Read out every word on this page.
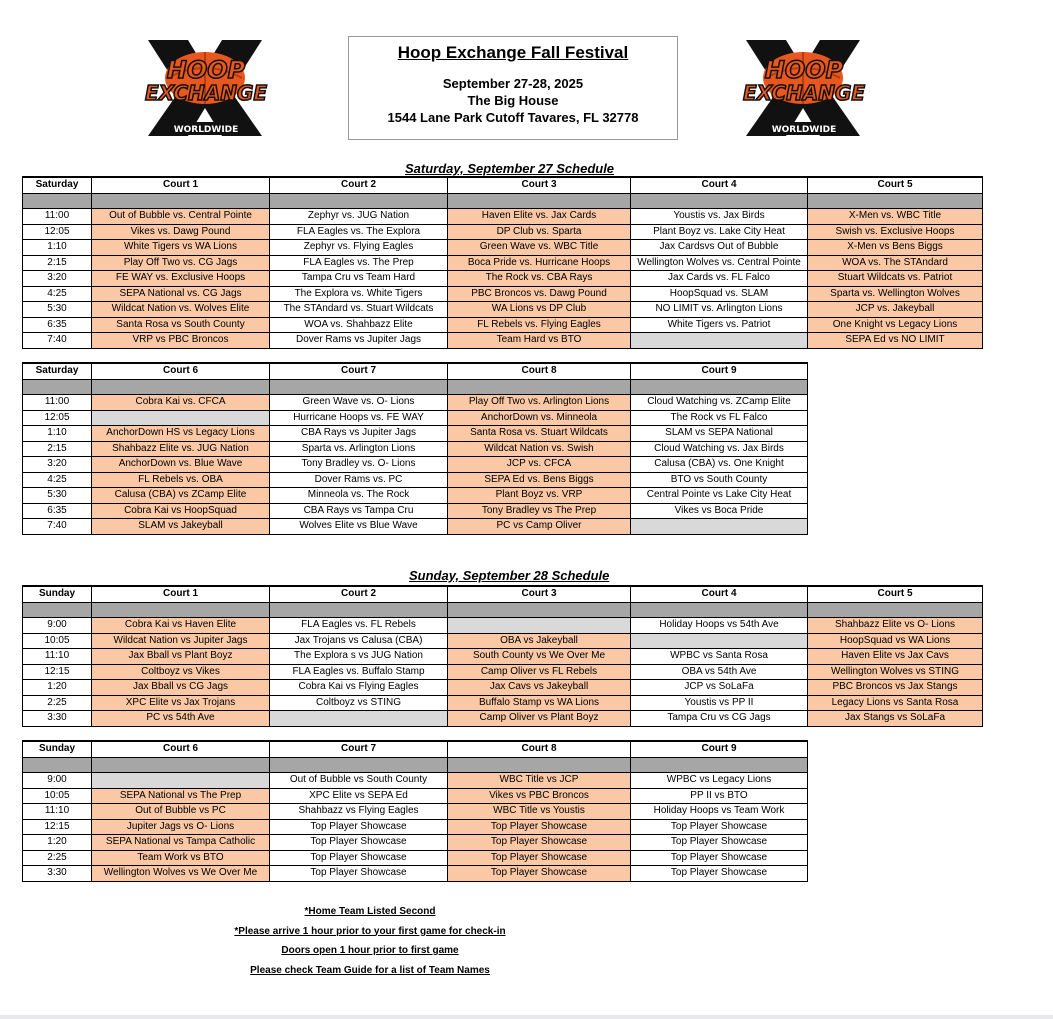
HOOP
EXCHANGE
WORLDWIDE
HOOP
EXCHANGE
WORLDWIDE
Hoop Exchange Fall Festival
September 27-28, 2025
The Big House
1544 Lane Park Cutoff Tavares, FL 32778
Saturday, September 27 Schedule
Saturday	Court 1	Court 2	Court 3	Court 4	Court 5

11:00	Out of Bubble vs. Central Pointe	Zephyr vs. JUG Nation	Haven Elite vs. Jax Cards	Youstis vs. Jax Birds	X-Men vs. WBC Title
12:05	Vikes vs. Dawg Pound	FLA Eagles vs. The Explora	DP Club vs. Sparta	Plant Boyz vs. Lake City Heat	Swish vs. Exclusive Hoops
1:10	White Tigers vs WA Lions	Zephyr vs. Flying Eagles	Green Wave vs. WBC Title	Jax Cardsvs Out of Bubble	X-Men vs Bens Biggs
2:15	Play Off Two vs. CG Jags	FLA Eagles vs. The Prep	Boca Pride vs. Hurricane Hoops	Wellington Wolves vs. Central Pointe	WOA vs. The STAndard
3:20	FE WAY vs. Exclusive Hoops	Tampa Cru vs Team Hard	The Rock vs. CBA Rays	Jax Cards vs. FL Falco	Stuart Wildcats vs. Patriot
4:25	SEPA National vs. CG Jags	The Explora vs. White Tigers	PBC Broncos vs. Dawg Pound	HoopSquad vs. SLAM	Sparta vs. Wellington Wolves
5:30	Wildcat Nation vs. Wolves Elite	The STAndard vs. Stuart Wildcats	WA Lions vs DP Club	NO LIMIT vs. Arlington Lions	JCP vs. Jakeyball
6:35	Santa Rosa vs South County	WOA vs. Shahbazz Elite	FL Rebels vs. Flying Eagles	White Tigers vs. Patriot	One Knight vs Legacy Lions
7:40	VRP vs PBC Broncos	Dover Rams vs Jupiter Jags	Team Hard vs BTO		SEPA Ed vs NO LIMIT
Saturday	Court 6	Court 7	Court 8	Court 9

11:00	Cobra Kai vs. CFCA	Green Wave vs. O- Lions	Play Off Two vs. Arlington Lions	Cloud Watching vs. ZCamp Elite
12:05		Hurricane Hoops vs. FE WAY	AnchorDown vs. Minneola	The Rock vs FL Falco
1:10	AnchorDown HS vs Legacy Lions	CBA Rays vs Jupiter Jags	Santa Rosa vs. Stuart Wildcats	SLAM vs SEPA National
2:15	Shahbazz Elite vs. JUG Nation	Sparta vs. Arlington Lions	Wildcat Nation vs. Swish	Cloud Watching vs. Jax Birds
3:20	AnchorDown vs. Blue Wave	Tony Bradley vs. O- Lions	JCP vs. CFCA	Calusa (CBA) vs. One Knight
4:25	FL Rebels vs. OBA	Dover Rams vs. PC	SEPA Ed vs. Bens Biggs	BTO vs South County
5:30	Calusa (CBA) vs ZCamp Elite	Minneola vs. The Rock	Plant Boyz vs. VRP	Central Pointe vs Lake City Heat
6:35	Cobra Kai vs HoopSquad	CBA Rays vs Tampa Cru	Tony Bradley vs The Prep	Vikes vs Boca Pride
7:40	SLAM vs Jakeyball	Wolves Elite vs Blue Wave	PC vs Camp Oliver	
Sunday, September 28 Schedule
Sunday	Court 1	Court 2	Court 3	Court 4	Court 5

9:00	Cobra Kai vs Haven Elite	FLA Eagles vs. FL Rebels		Holiday Hoops vs 54th Ave	Shahbazz Elite vs O- Lions
10:05	Wildcat Nation vs Jupiter Jags	Jax Trojans vs Calusa (CBA)	OBA vs Jakeyball		HoopSquad vs WA Lions
11:10	Jax Bball vs Plant Boyz	The Explora s vs JUG Nation	South County vs We Over Me	WPBC vs Santa Rosa	Haven Elite vs Jax Cavs
12:15	Coltboyz vs Vikes	FLA Eagles vs. Buffalo Stamp	Camp Oliver vs FL Rebels	OBA vs 54th Ave	Wellington Wolves vs STING
1:20	Jax Bball vs CG Jags	Cobra Kai vs Flying Eagles	Jax Cavs vs Jakeyball	JCP vs SoLaFa	PBC Broncos vs Jax Stangs
2:25	XPC Elite vs Jax Trojans	Coltboyz vs STING	Buffalo Stamp vs WA Lions	Youstis vs PP II	Legacy Lions vs Santa Rosa
3:30	PC vs 54th Ave		Camp Oliver vs Plant Boyz	Tampa Cru vs CG Jags	Jax Stangs vs SoLaFa
Sunday	Court 6	Court 7	Court 8	Court 9

9:00		Out of Bubble vs South County	WBC Title vs JCP	WPBC vs Legacy Lions
10:05	SEPA National vs The Prep	XPC Elite vs SEPA Ed	Vikes vs PBC Broncos	PP II vs BTO
11:10	Out of Bubble vs PC	Shahbazz vs Flying Eagles	WBC Title vs Youstis	Holiday Hoops vs Team Work
12:15	Jupiter Jags vs O- Lions	Top Player Showcase	Top Player Showcase	Top Player Showcase
1:20	SEPA National vs Tampa Catholic	Top Player Showcase	Top Player Showcase	Top Player Showcase
2:25	Team Work vs BTO	Top Player Showcase	Top Player Showcase	Top Player Showcase
3:30	Wellington Wolves vs We Over Me	Top Player Showcase	Top Player Showcase	Top Player Showcase
*Home Team Listed Second
*Please arrive 1 hour prior to your first game for check-in
Doors open 1 hour prior to first game
Please check Team Guide for a list of Team Names
